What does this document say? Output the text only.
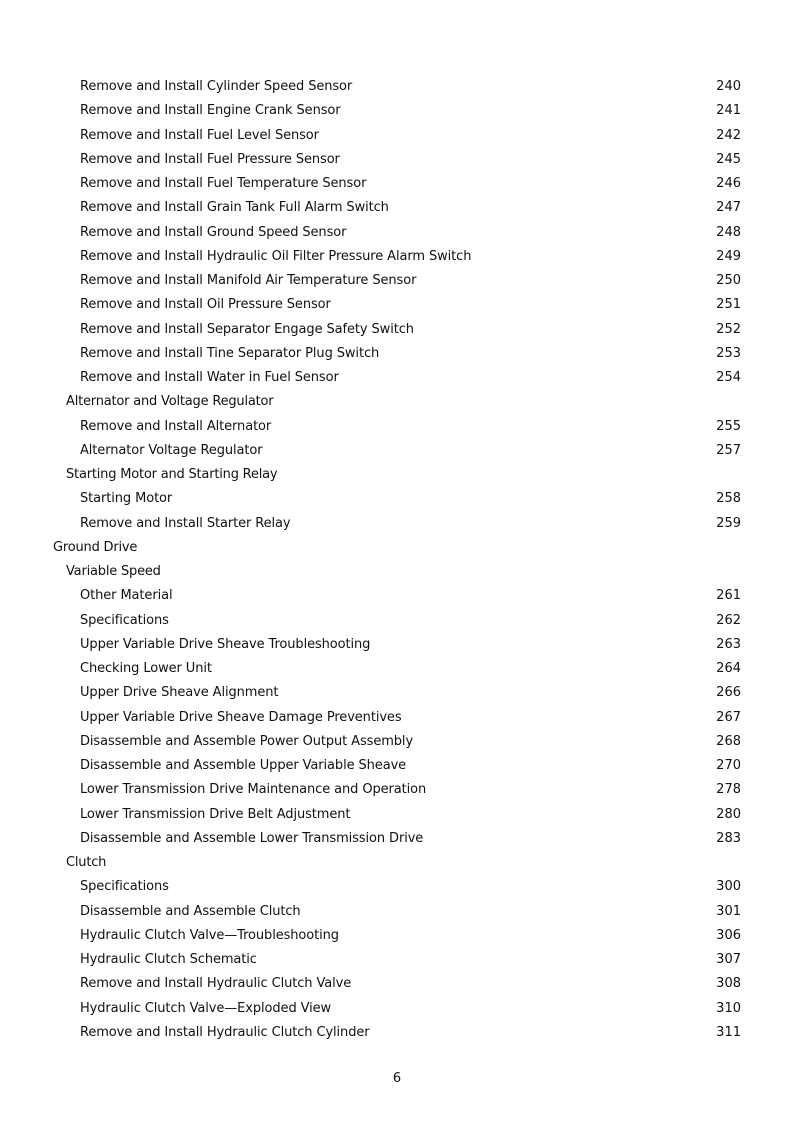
Remove and Install Cylinder Speed Sensor	240
Remove and Install Engine Crank Sensor	241
Remove and Install Fuel Level Sensor	242
Remove and Install Fuel Pressure Sensor	245
Remove and Install Fuel Temperature Sensor	246
Remove and Install Grain Tank Full Alarm Switch	247
Remove and Install Ground Speed Sensor	248
Remove and Install Hydraulic Oil Filter Pressure Alarm Switch	249
Remove and Install Manifold Air Temperature Sensor	250
Remove and Install Oil Pressure Sensor	251
Remove and Install Separator Engage Safety Switch	252
Remove and Install Tine Separator Plug Switch	253
Remove and Install Water in Fuel Sensor	254
Alternator and Voltage Regulator
Remove and Install Alternator	255
Alternator Voltage Regulator	257
Starting Motor and Starting Relay
Starting Motor	258
Remove and Install Starter Relay	259
Ground Drive
Variable Speed
Other Material	261
Specifications	262
Upper Variable Drive Sheave Troubleshooting	263
Checking Lower Unit	264
Upper Drive Sheave Alignment	266
Upper Variable Drive Sheave Damage Preventives	267
Disassemble and Assemble Power Output Assembly	268
Disassemble and Assemble Upper Variable Sheave	270
Lower Transmission Drive Maintenance and Operation	278
Lower Transmission Drive Belt Adjustment	280
Disassemble and Assemble Lower Transmission Drive	283
Clutch
Specifications	300
Disassemble and Assemble Clutch	301
Hydraulic Clutch Valve—Troubleshooting	306
Hydraulic Clutch Schematic	307
Remove and Install Hydraulic Clutch Valve	308
Hydraulic Clutch Valve—Exploded View	310
Remove and Install Hydraulic Clutch Cylinder	311
6
